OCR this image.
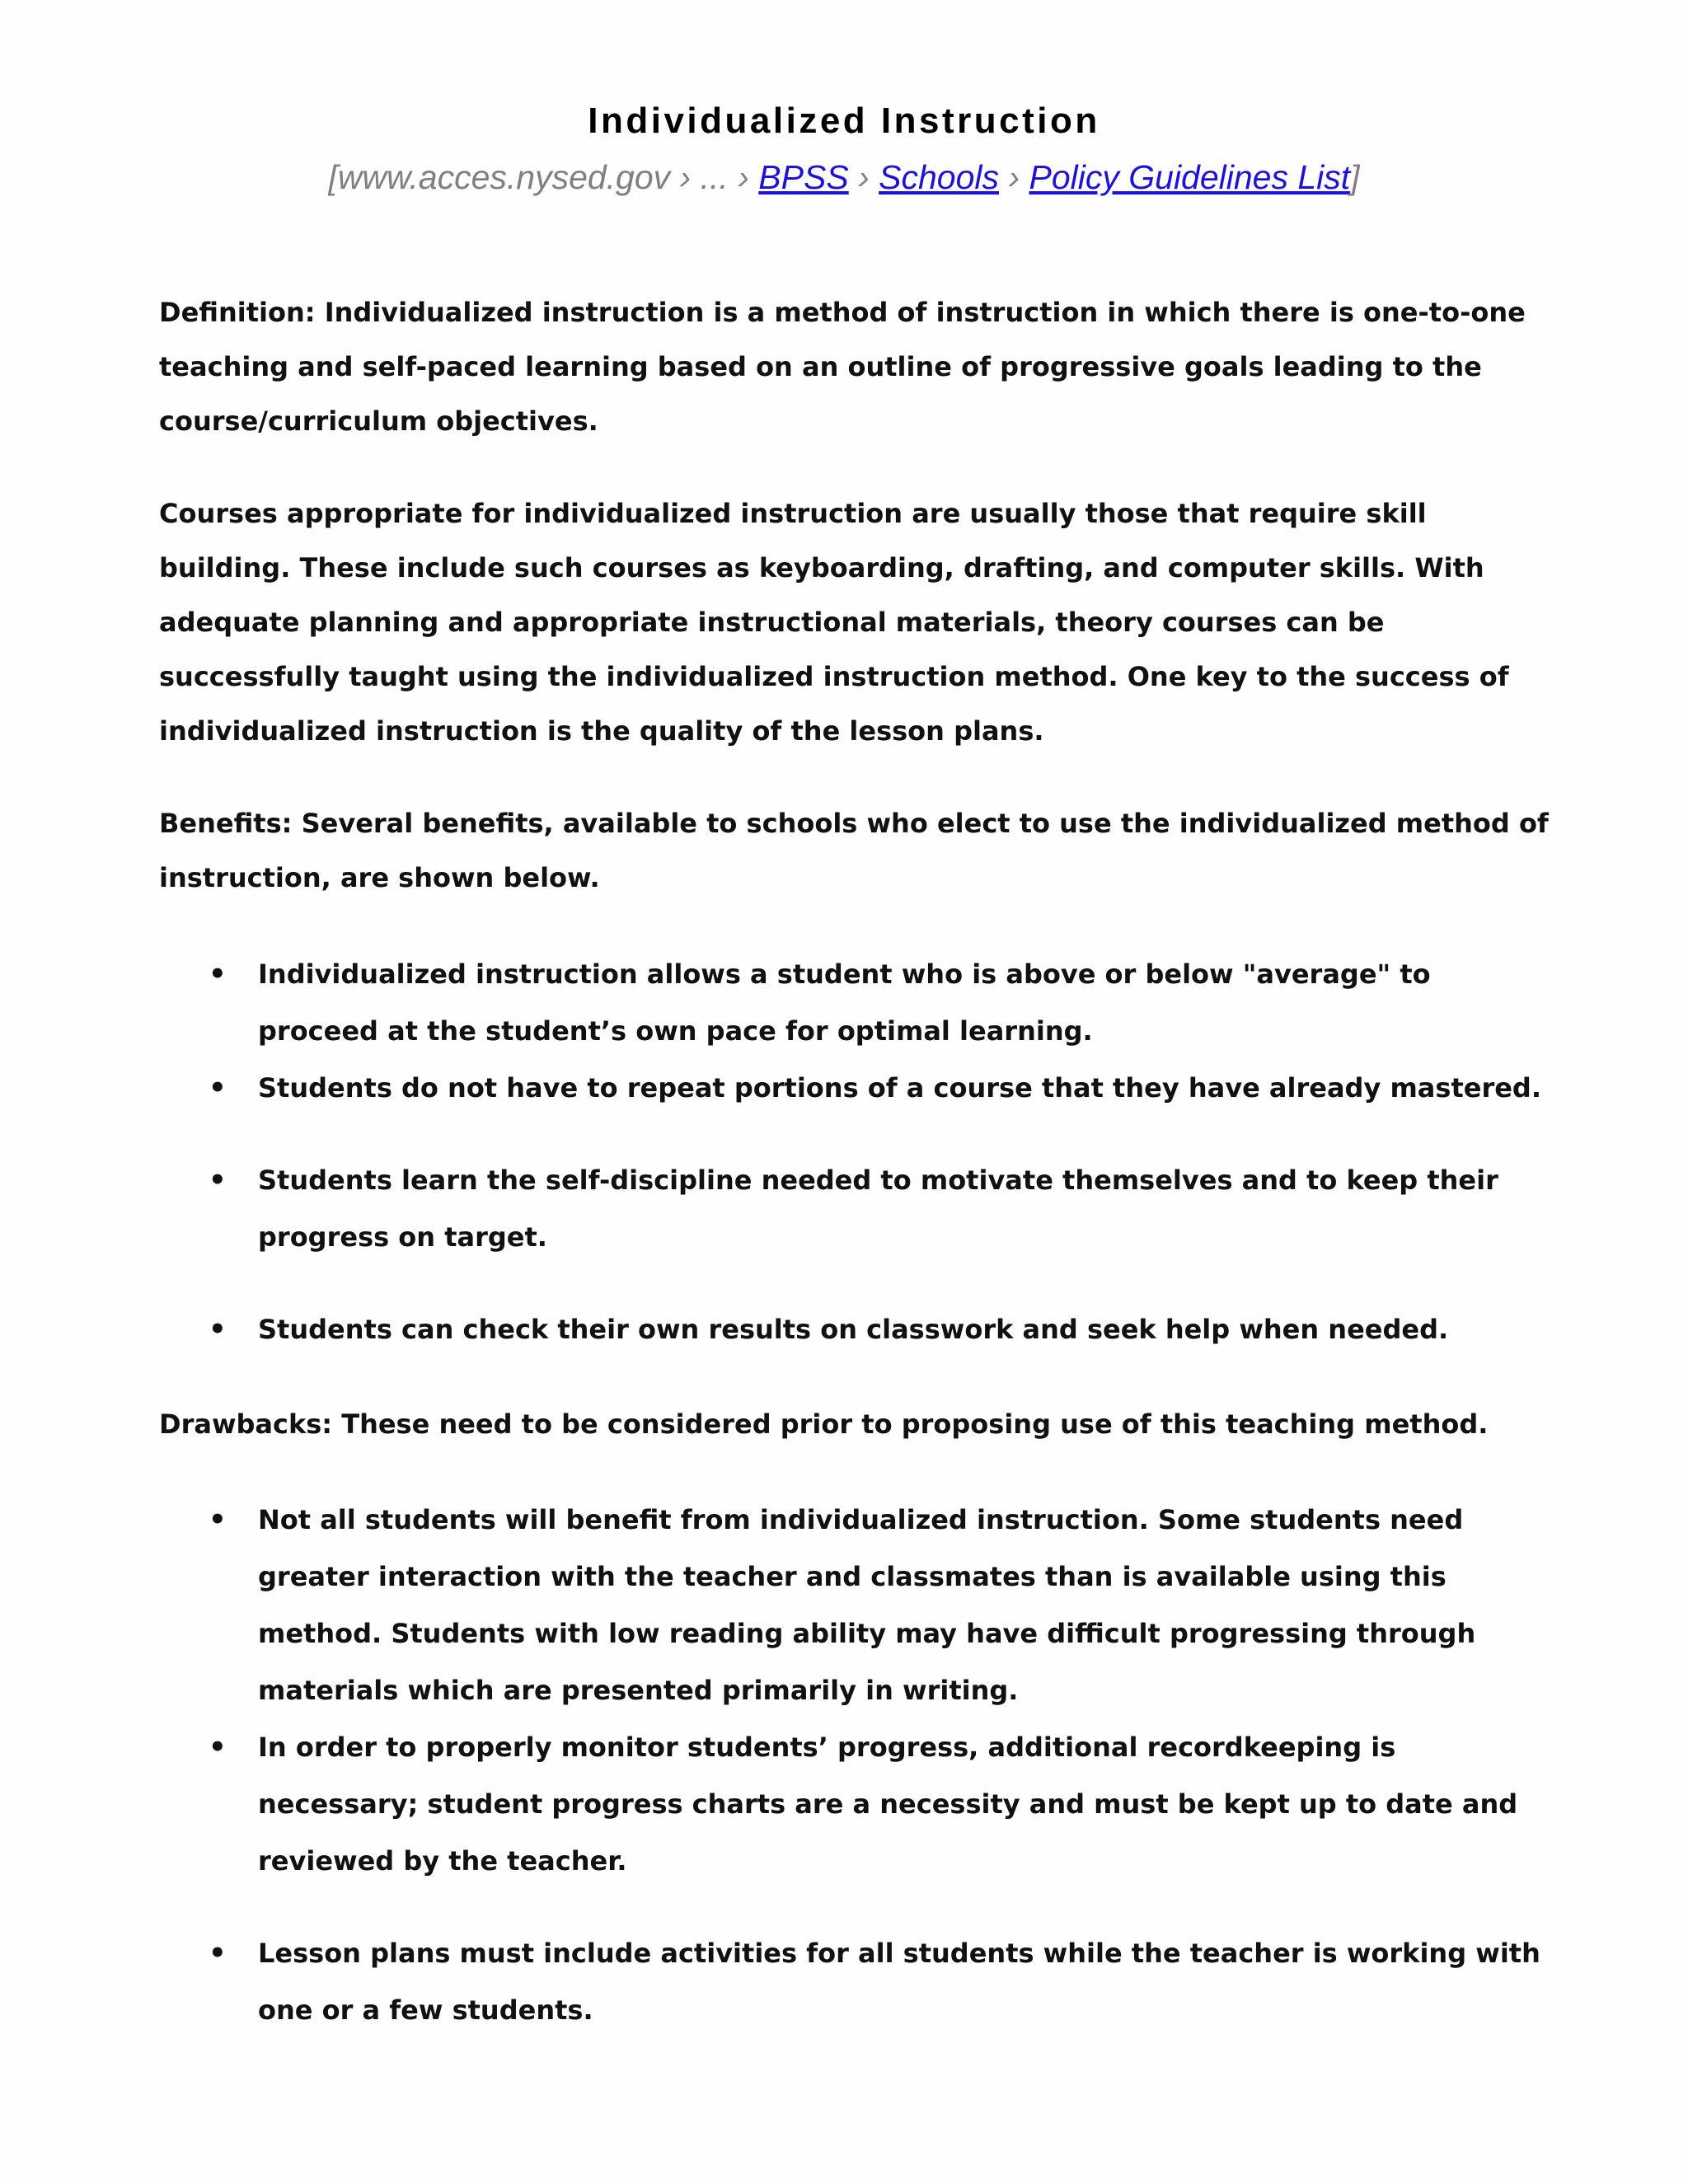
Individualized Instruction
[www.acces.nysed.gov › ... › BPSS › Schools › Policy Guidelines List]

Definition: Individualized instruction is a method of instruction in which there is one-to-one teaching and self-paced learning based on an outline of progressive goals leading to the course/curriculum objectives.

Courses appropriate for individualized instruction are usually those that require skill building. These include such courses as keyboarding, drafting, and computer skills. With adequate planning and appropriate instructional materials, theory courses can be successfully taught using the individualized instruction method. One key to the success of individualized instruction is the quality of the lesson plans.

Benefits: Several benefits, available to schools who elect to use the individualized method of instruction, are shown below.

• Individualized instruction allows a student who is above or below "average" to proceed at the student’s own pace for optimal learning.
• Students do not have to repeat portions of a course that they have already mastered.
• Students learn the self-discipline needed to motivate themselves and to keep their progress on target.
• Students can check their own results on classwork and seek help when needed.

Drawbacks: These need to be considered prior to proposing use of this teaching method.

• Not all students will benefit from individualized instruction. Some students need greater interaction with the teacher and classmates than is available using this method. Students with low reading ability may have difficult progressing through materials which are presented primarily in writing.
• In order to properly monitor students’ progress, additional recordkeeping is necessary; student progress charts are a necessity and must be kept up to date and reviewed by the teacher.
• Lesson plans must include activities for all students while the teacher is working with one or a few students.
